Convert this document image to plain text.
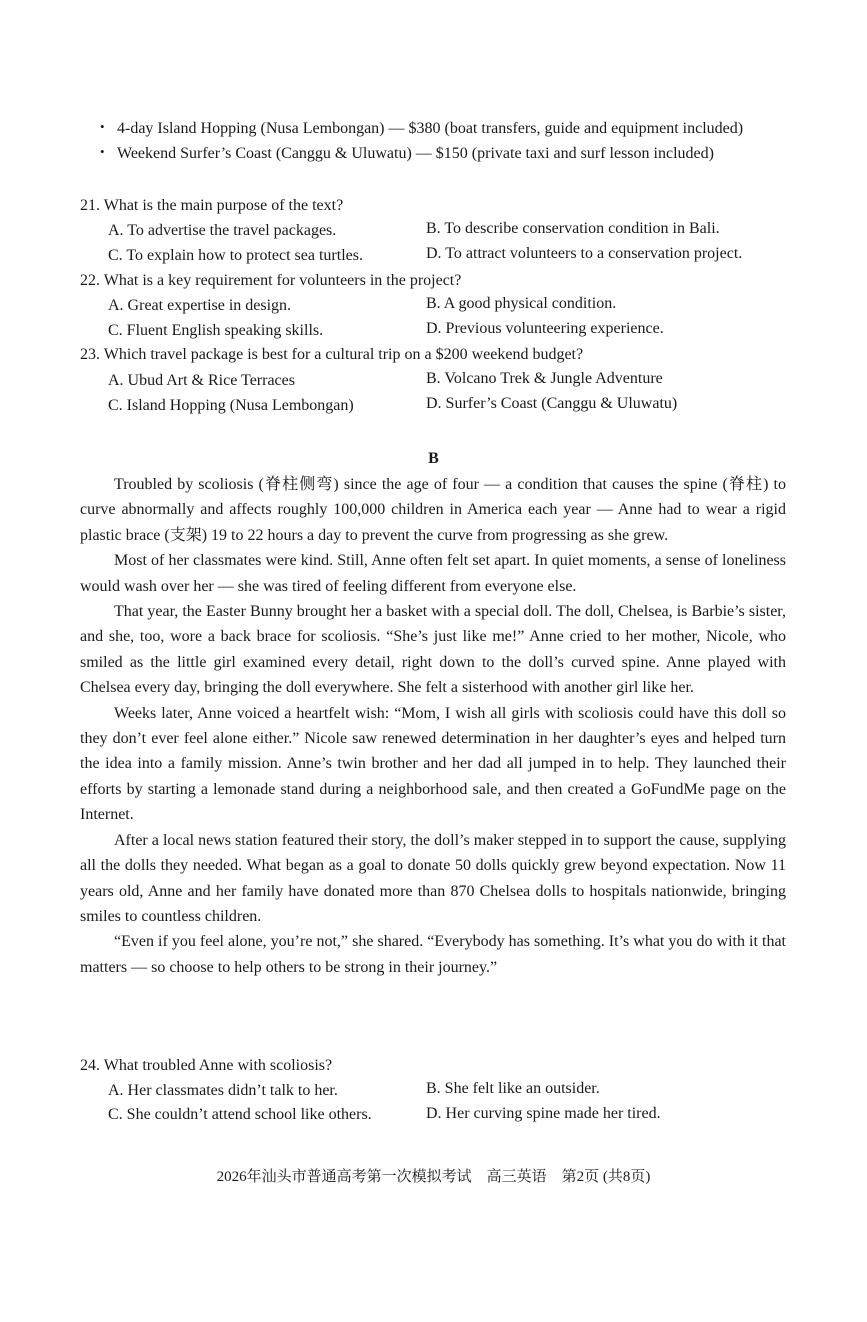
• 4-day Island Hopping (Nusa Lembongan) — $380 (boat transfers, guide and equipment included)
• Weekend Surfer’s Coast (Canggu & Uluwatu) — $150 (private taxi and surf lesson included)
21. What is the main purpose of the text?
A. To advertise the travel packages.	B. To describe conservation condition in Bali.
C. To explain how to protect sea turtles.	D. To attract volunteers to a conservation project.
22. What is a key requirement for volunteers in the project?
A. Great expertise in design.	B. A good physical condition.
C. Fluent English speaking skills.	D. Previous volunteering experience.
23. Which travel package is best for a cultural trip on a $200 weekend budget?
A. Ubud Art & Rice Terraces	B. Volcano Trek & Jungle Adventure
C. Island Hopping (Nusa Lembongan)	D. Surfer’s Coast (Canggu & Uluwatu)
B

Troubled by scoliosis (脊柱侧弯) since the age of four — a condition that causes the spine (脊柱) to curve abnormally and affects roughly 100,000 children in America each year — Anne had to wear a rigid plastic brace (支架) 19 to 22 hours a day to prevent the curve from progressing as she grew.

Most of her classmates were kind. Still, Anne often felt set apart. In quiet moments, a sense of loneliness would wash over her — she was tired of feeling different from everyone else.

That year, the Easter Bunny brought her a basket with a special doll. The doll, Chelsea, is Barbie’s sister, and she, too, wore a back brace for scoliosis. “She’s just like me!” Anne cried to her mother, Nicole, who smiled as the little girl examined every detail, right down to the doll’s curved spine. Anne played with Chelsea every day, bringing the doll everywhere. She felt a sisterhood with another girl like her.

Weeks later, Anne voiced a heartfelt wish: “Mom, I wish all girls with scoliosis could have this doll so they don’t ever feel alone either.” Nicole saw renewed determination in her daughter’s eyes and helped turn the idea into a family mission. Anne’s twin brother and her dad all jumped in to help. They launched their efforts by starting a lemonade stand during a neighborhood sale, and then created a GoFundMe page on the Internet.

After a local news station featured their story, the doll’s maker stepped in to support the cause, supplying all the dolls they needed. What began as a goal to donate 50 dolls quickly grew beyond expectation. Now 11 years old, Anne and her family have donated more than 870 Chelsea dolls to hospitals nationwide, bringing smiles to countless children.

“Even if you feel alone, you’re not,” she shared. “Everybody has something. It’s what you do with it that matters — so choose to help others to be strong in their journey.”

24. What troubled Anne with scoliosis?
A. Her classmates didn’t talk to her.	B. She felt like an outsider.
C. She couldn’t attend school like others.	D. Her curving spine made her tired.
2026年汕头市普通高考第一次模拟考试　高三英语　第2页 (共8页)
